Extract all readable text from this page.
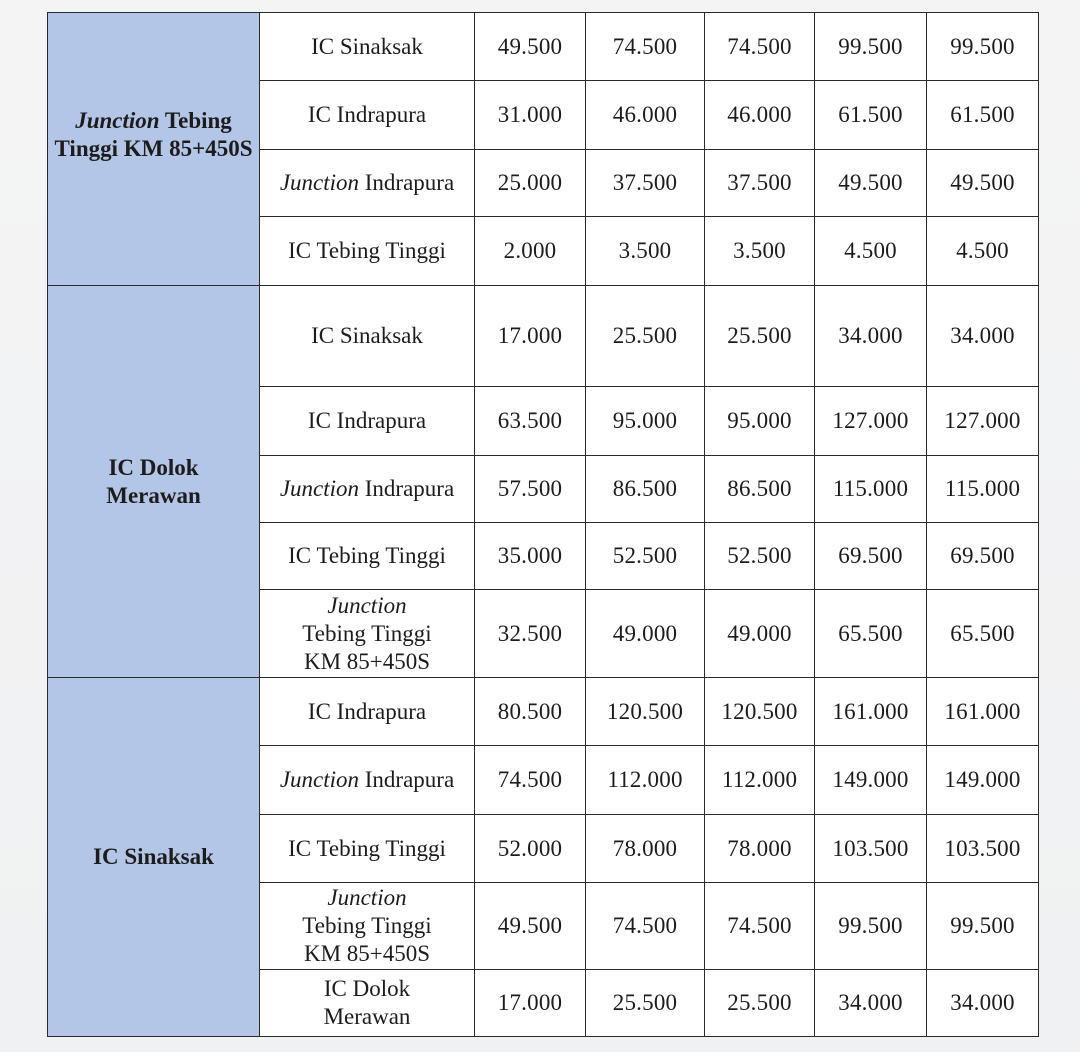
Junction Tebing Tinggi KM 85+450S	IC Sinaksak	49.500	74.500	74.500	99.500	99.500
	IC Indrapura	31.000	46.000	46.000	61.500	61.500
	Junction Indrapura	25.000	37.500	37.500	49.500	49.500
	IC Tebing Tinggi	2.000	3.500	3.500	4.500	4.500
IC Dolok Merawan	IC Sinaksak	17.000	25.500	25.500	34.000	34.000
	IC Indrapura	63.500	95.000	95.000	127.000	127.000
	Junction Indrapura	57.500	86.500	86.500	115.000	115.000
	IC Tebing Tinggi	35.000	52.500	52.500	69.500	69.500
	Junction Tebing Tinggi KM 85+450S	32.500	49.000	49.000	65.500	65.500
IC Sinaksak	IC Indrapura	80.500	120.500	120.500	161.000	161.000
	Junction Indrapura	74.500	112.000	112.000	149.000	149.000
	IC Tebing Tinggi	52.000	78.000	78.000	103.500	103.500
	Junction Tebing Tinggi KM 85+450S	49.500	74.500	74.500	99.500	99.500
	IC Dolok Merawan	17.000	25.500	25.500	34.000	34.000
